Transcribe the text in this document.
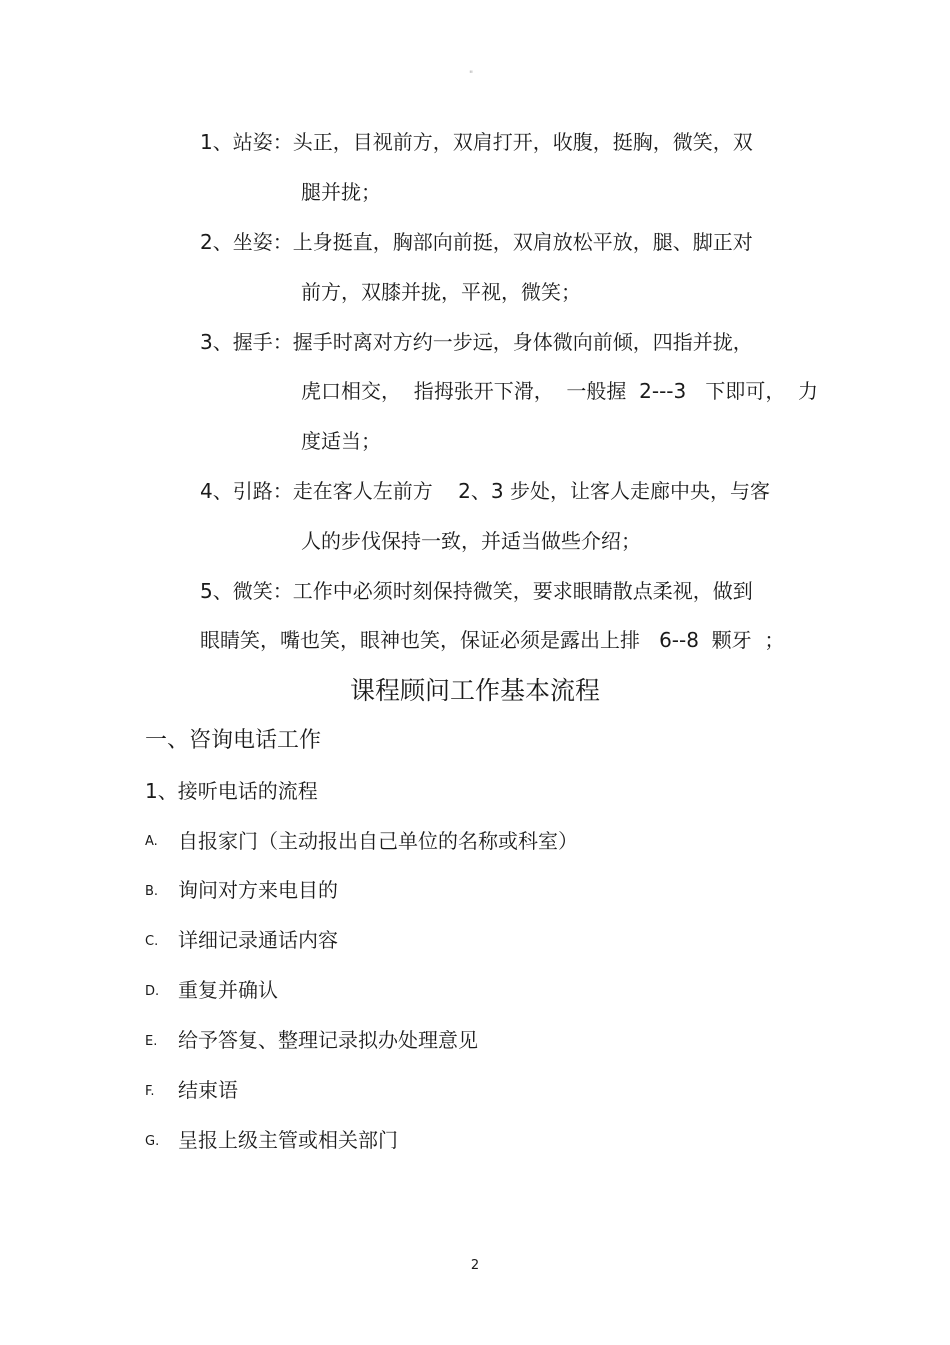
"
1、站姿：头正，目视前方，双肩打开，收腹，挺胸，微笑，双
腿并拢；
2、坐姿：上身挺直，胸部向前挺，双肩放松平放，腿、脚正对
前方，双膝并拢，平视，微笑；
3、握手：握手时离对方约一步远，身体微向前倾，四指并拢，
虎口相交，  指拇张开下滑，  一般握  2---3   下即可，  力
度适当；
4、引路：走在客人左前方    2、3 步处，让客人走廊中央，与客
人的步伐保持一致，并适当做些介绍；
5、微笑：工作中必须时刻保持微笑，要求眼睛散点柔视，做到
眼睛笑，嘴也笑，眼神也笑，保证必须是露出上排   6--8  颗牙  ；
课程顾问工作基本流程
一、咨询电话工作
1、接听电话的流程
A. 自报家门（主动报出自己单位的名称或科室）
B. 询问对方来电目的
C. 详细记录通话内容
D. 重复并确认
E. 给予答复、整理记录拟办处理意见
F. 结束语
G. 呈报上级主管或相关部门
2
